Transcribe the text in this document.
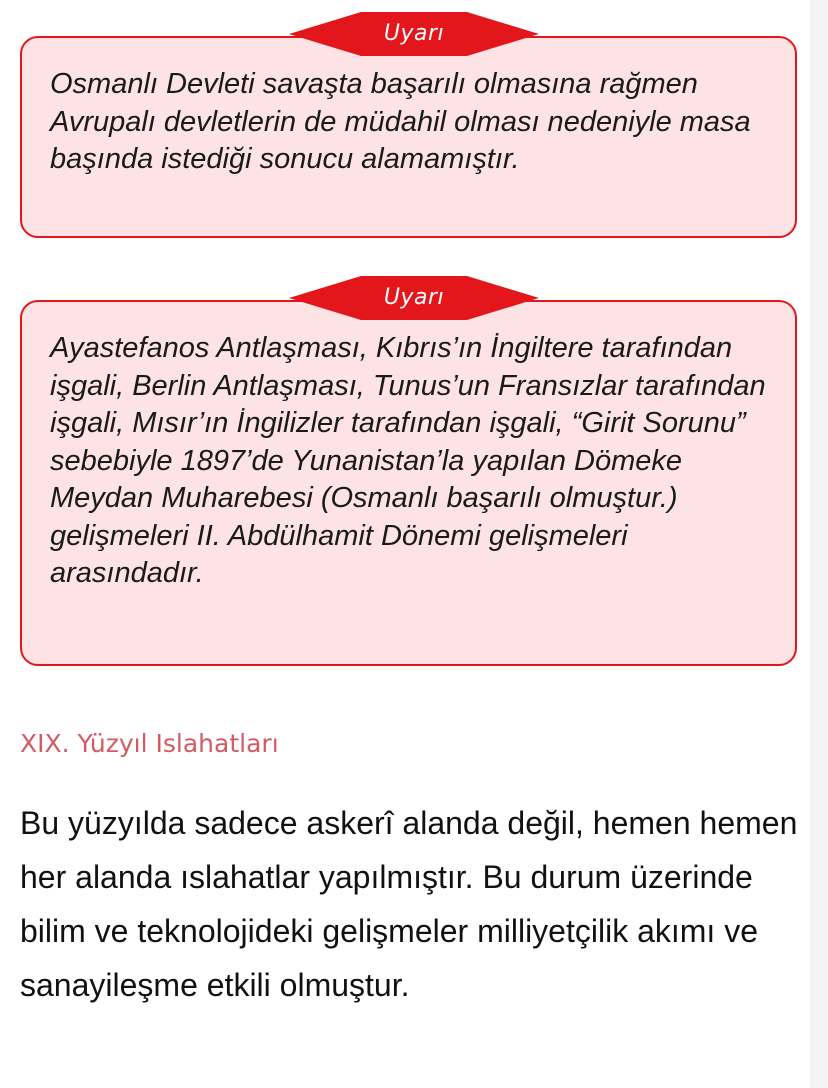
Osmanlı Devleti savaşta başarılı olmasına rağmen Avrupalı devletlerin de müdahil olması nedeniyle masa başında istediği sonucu alamamıştır.

Uyarı

Ayastefanos Antlaşması, Kıbrıs’ın İngiltere tarafından işgali, Berlin Antlaşması, Tunus’un Fransızlar tarafından işgali, Mısır’ın İngilizler tarafından işgali, “Girit Sorunu” sebebiyle 1897’de Yunanistan’la yapılan Dömeke Meydan Muharebesi (Osmanlı başarılı olmuştur.) gelişmeleri II. Abdülhamit Dönemi gelişmeleri arasındadır.

Uyarı
XIX. Yüzyıl Islahatları

Bu yüzyılda sadece askerî alanda değil, hemen hemen her alanda ıslahatlar yapılmıştır. Bu durum üzerinde bilim ve teknolojideki gelişmeler milliyetçilik akımı ve sanayileşme etkili olmuştur.
